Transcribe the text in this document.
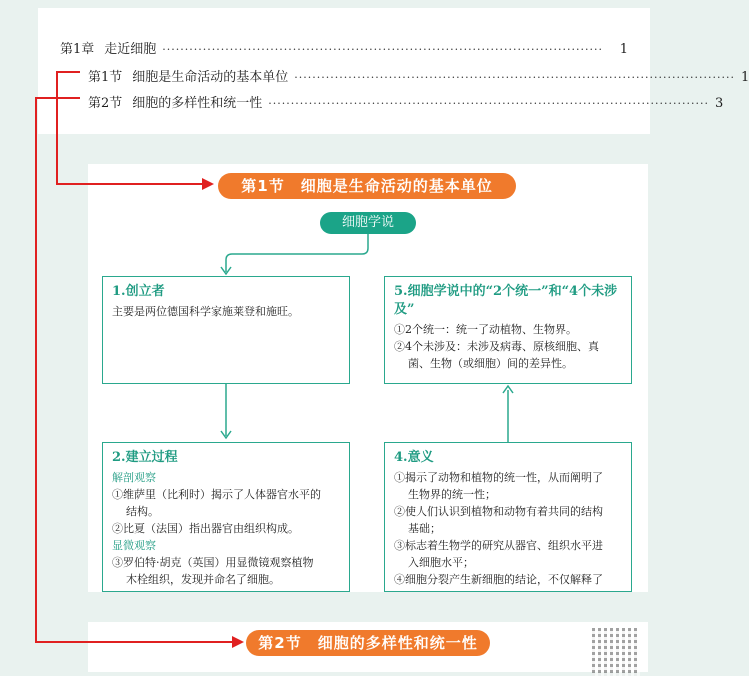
第1章 走近细胞 ··································································································	1
第1节 细胞是生命活动的基本单位 ·································································································· 1
第2节 细胞的多样性和统一性 ·································································································· 3
第1节　细胞是生命活动的基本单位
细胞学说
1.创立者
主要是两位德国科学家施莱登和施旺。
5.细胞学说中的“2个统一”和“4个未涉及”
①2个统一：统一了动植物、生物界。
②4个未涉及：未涉及病毒、原核细胞、真
菌、生物（或细胞）间的差异性。
2.建立过程
解剖观察
①维萨里（比利时）揭示了人体器官水平的
结构。
②比夏（法国）指出器官由组织构成。
显微观察
③罗伯特·胡克（英国）用显微镜观察植物
木栓组织，发现并命名了细胞。
4.意义
①揭示了动物和植物的统一性，从而阐明了
生物界的统一性；
②使人们认识到植物和动物有着共同的结构
基础；
③标志着生物学的研究从器官、组织水平进
入细胞水平；
④细胞分裂产生新细胞的结论，不仅解释了
第2节　细胞的多样性和统一性
